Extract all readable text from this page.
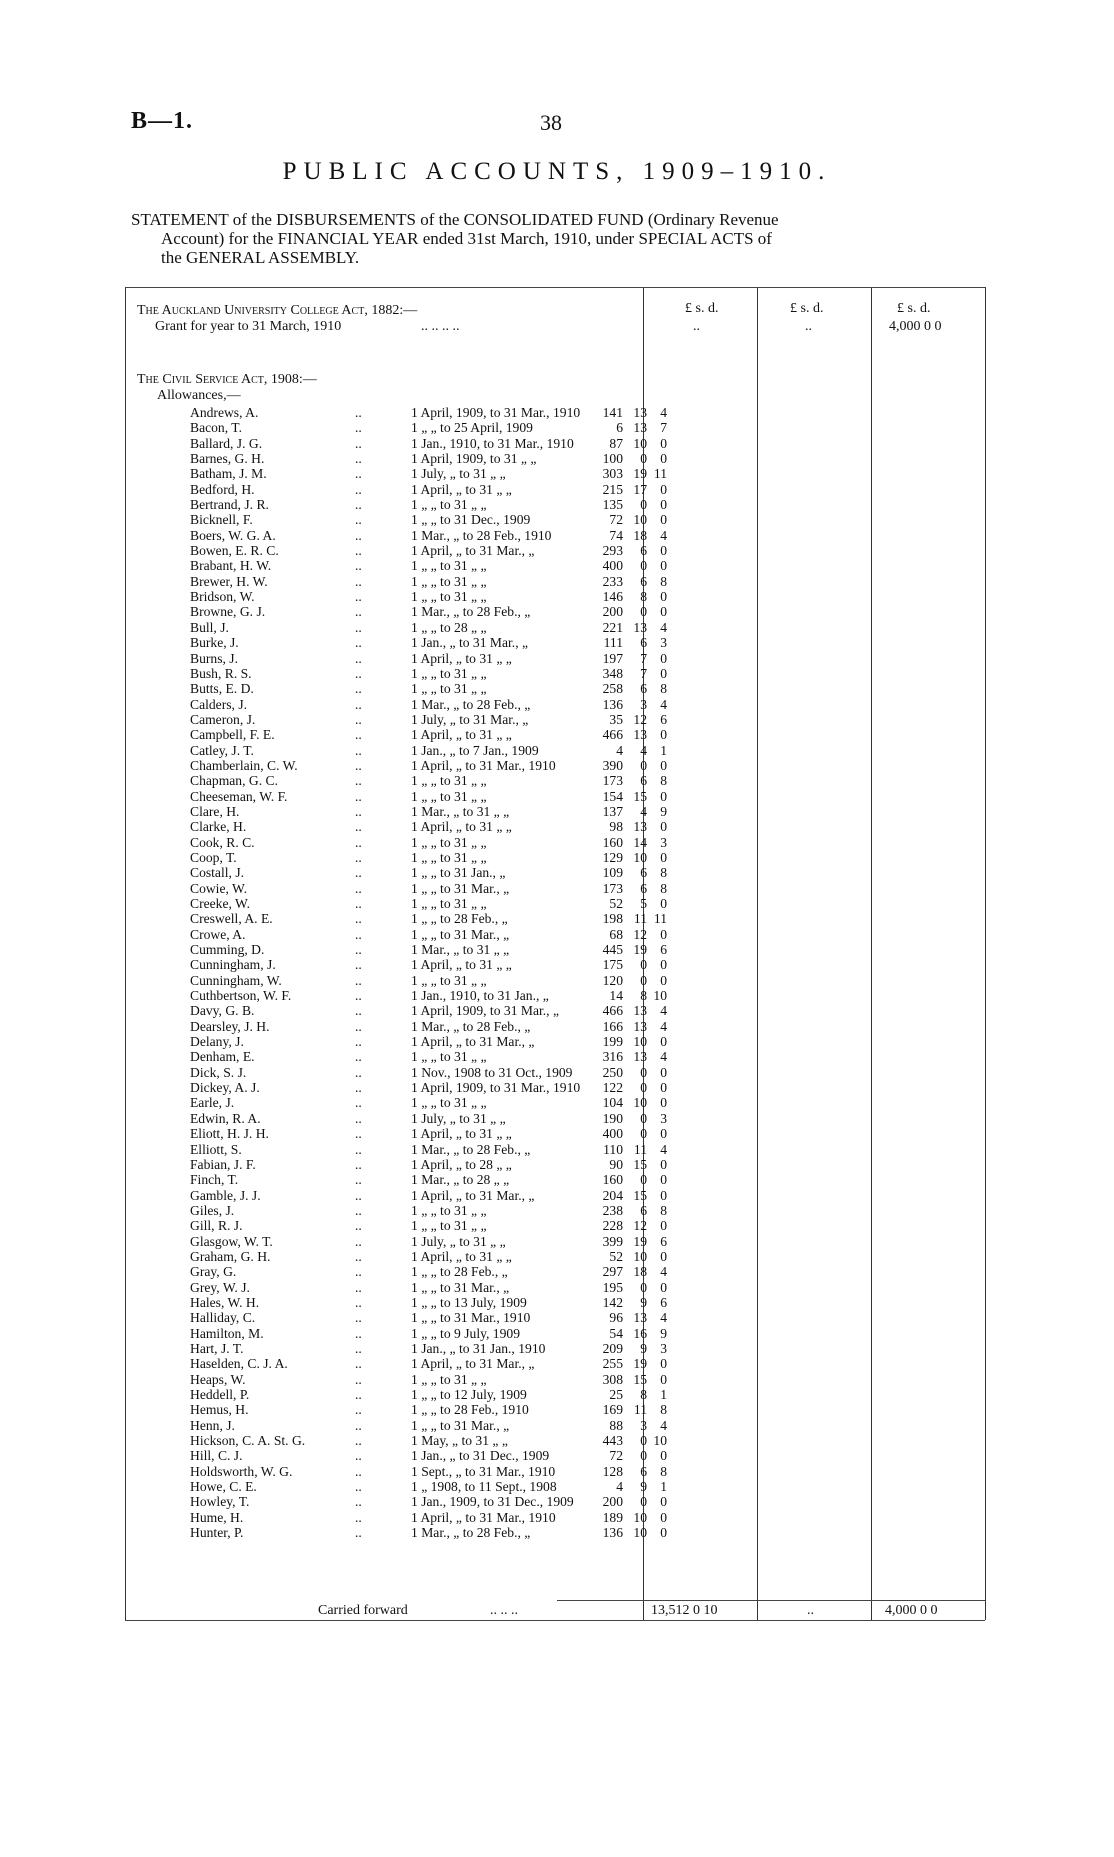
B—1.	38
PUBLIC ACCOUNTS, 1909–1910.
STATEMENT of the DISBURSEMENTS of the CONSOLIDATED FUND (Ordinary Revenue
Account) for the FINANCIAL YEAR ended 31st March, 1910, under SPECIAL ACTS of
the GENERAL ASSEMBLY.
£ s. d.	£ s. d.	£ s. d.
The Auckland University College Act, 1882:—
Grant for year to 31 March, 1910	.. .. .. ..	..	..	4,000 0 0
The Civil Service Act, 1908:—
Allowances,—
Andrews, A.	..	1 April, 1909, to 31 Mar., 1910	141 13 4
Bacon, T.	..	1 „ „ to 25 April, 1909	6 13 7
Ballard, J. G.	..	1 Jan., 1910, to 31 Mar., 1910	87 10 0
Barnes, G. H.	..	1 April, 1909, to 31 „ „	100	0 0
Batham, J. M.	..	1 July, „ to 31 „ „	303 19 11
Bedford, H.	..	1 April, „ to 31 „ „	215 17 0
Bertrand, J. R.	..	1 „ „ to 31 „ „	135	0 0
Bicknell, F.	..	1 „ „ to 31 Dec., 1909	72 10 0
Boers, W. G. A.	..	1 Mar., „ to 28 Feb., 1910	74 18 4
Bowen, E. R. C.	..	1 April, „ to 31 Mar., „	293	6 0
Brabant, H. W.	..	1 „ „ to 31 „ „	400	0 0
Brewer, H. W.	..	1 „ „ to 31 „ „	233	6 8
Bridson, W.	..	1 „ „ to 31 „ „	146	8 0
Browne, G. J.	..	1 Mar., „ to 28 Feb., „	200	0 0
Bull, J.	..	1 „ „ to 28 „ „	221 13 4
Burke, J.	..	1 Jan., „ to 31 Mar., „	111	6 3
Burns, J.	..	1 April, „ to 31 „ „	197	7 0
Bush, R. S.	..	1 „ „ to 31 „ „	348	7 0
Butts, E. D.	..	1 „ „ to 31 „ „	258	6 8
Calders, J.	..	1 Mar., „ to 28 Feb., „	136	3 4
Cameron, J.	..	1 July, „ to 31 Mar., „	35 12 6
Campbell, F. E.	..	1 April, „ to 31 „ „	466 13 0
Catley, J. T.	..	1 Jan., „ to 7 Jan., 1909	4	4 1
Chamberlain, C. W.	..	1 April, „ to 31 Mar., 1910	390	0 0
Chapman, G. C.	..	1 „ „ to 31 „ „	173	6 8
Cheeseman, W. F.	..	1 „ „ to 31 „ „	154 15 0
Clare, H.	..	1 Mar., „ to 31 „ „	137	4 9
Clarke, H.	..	1 April, „ to 31 „ „	98 13 0
Cook, R. C.	..	1 „ „ to 31 „ „	160 14 3
Coop, T.	..	1 „ „ to 31 „ „	129 10 0
Costall, J.	..	1 „ „ to 31 Jan., „	109	6 8
Cowie, W.	..	1 „ „ to 31 Mar., „	173	6 8
Creeke, W.	..	1 „ „ to 31 „ „	52	5 0
Creswell, A. E.	..	1 „ „ to 28 Feb., „	198 11 11
Crowe, A.	..	1 „ „ to 31 Mar., „	68 12 0
Cumming, D.	..	1 Mar., „ to 31 „ „	445 19 6
Cunningham, J.	..	1 April, „ to 31 „ „	175	0 0
Cunningham, W.	..	1 „ „ to 31 „ „	120	0 0
Cuthbertson, W. F.	..	1 Jan., 1910, to 31 Jan., „	14	8 10
Davy, G. B.	..	1 April, 1909, to 31 Mar., „	466 13 4
Dearsley, J. H.	..	1 Mar., „ to 28 Feb., „	166 13 4
Delany, J.	..	1 April, „ to 31 Mar., „	199 10 0
Denham, E.	..	1 „ „ to 31 „ „	316 13 4
Dick, S. J.	..	1 Nov., 1908 to 31 Oct., 1909	250	0 0
Dickey, A. J.	..	1 April, 1909, to 31 Mar., 1910	122	0 0
Earle, J.	..	1 „ „ to 31 „ „	104 10 0
Edwin, R. A.	..	1 July, „ to 31 „ „	190	0 3
Eliott, H. J. H.	..	1 April, „ to 31 „ „	400	0 0
Elliott, S.	..	1 Mar., „ to 28 Feb., „	110 11 4
Fabian, J. F.	..	1 April, „ to 28 „ „	90 15 0
Finch, T.	..	1 Mar., „ to 28 „ „	160	0 0
Gamble, J. J.	..	1 April, „ to 31 Mar., „	204 15 0
Giles, J.	..	1 „ „ to 31 „ „	238	6 8
Gill, R. J.	..	1 „ „ to 31 „ „	228 12 0
Glasgow, W. T.	..	1 July, „ to 31 „ „	399 19 6
Graham, G. H.	..	1 April, „ to 31 „ „	52 10 0
Gray, G.	..	1 „ „ to 28 Feb., „	297 18 4
Grey, W. J.	..	1 „ „ to 31 Mar., „	195	0 0
Hales, W. H.	..	1 „ „ to 13 July, 1909	142	9 6
Halliday, C.	..	1 „ „ to 31 Mar., 1910	96 13 4
Hamilton, M.	..	1 „ „ to 9 July, 1909	54 16 9
Hart, J. T.	..	1 Jan., „ to 31 Jan., 1910	209	9 3
Haselden, C. J. A.	..	1 April, „ to 31 Mar., „	255 19 0
Heaps, W.	..	1 „ „ to 31 „ „	308 15 0
Heddell, P.	..	1 „ „ to 12 July, 1909	25	8 1
Hemus, H.	..	1 „ „ to 28 Feb., 1910	169 11 8
Henn, J.	..	1 „ „ to 31 Mar., „	88	3 4
Hickson, C. A. St. G.	..	1 May, „ to 31 „ „	443	0 10
Hill, C. J.	..	1 Jan., „ to 31 Dec., 1909	72	0 0
Holdsworth, W. G.	..	1 Sept., „ to 31 Mar., 1910	128	6 8
Howe, C. E.	..	1 „ 1908, to 11 Sept., 1908	4	9 1
Howley, T.	..	1 Jan., 1909, to 31 Dec., 1909	200	0 0
Hume, H.	..	1 April, „ to 31 Mar., 1910	189 10 0
Hunter, P.	..	1 Mar., „ to 28 Feb., „	136 10 0
Carried forward	.. .. ..	13,512 0 10	..	4,000 0 0
